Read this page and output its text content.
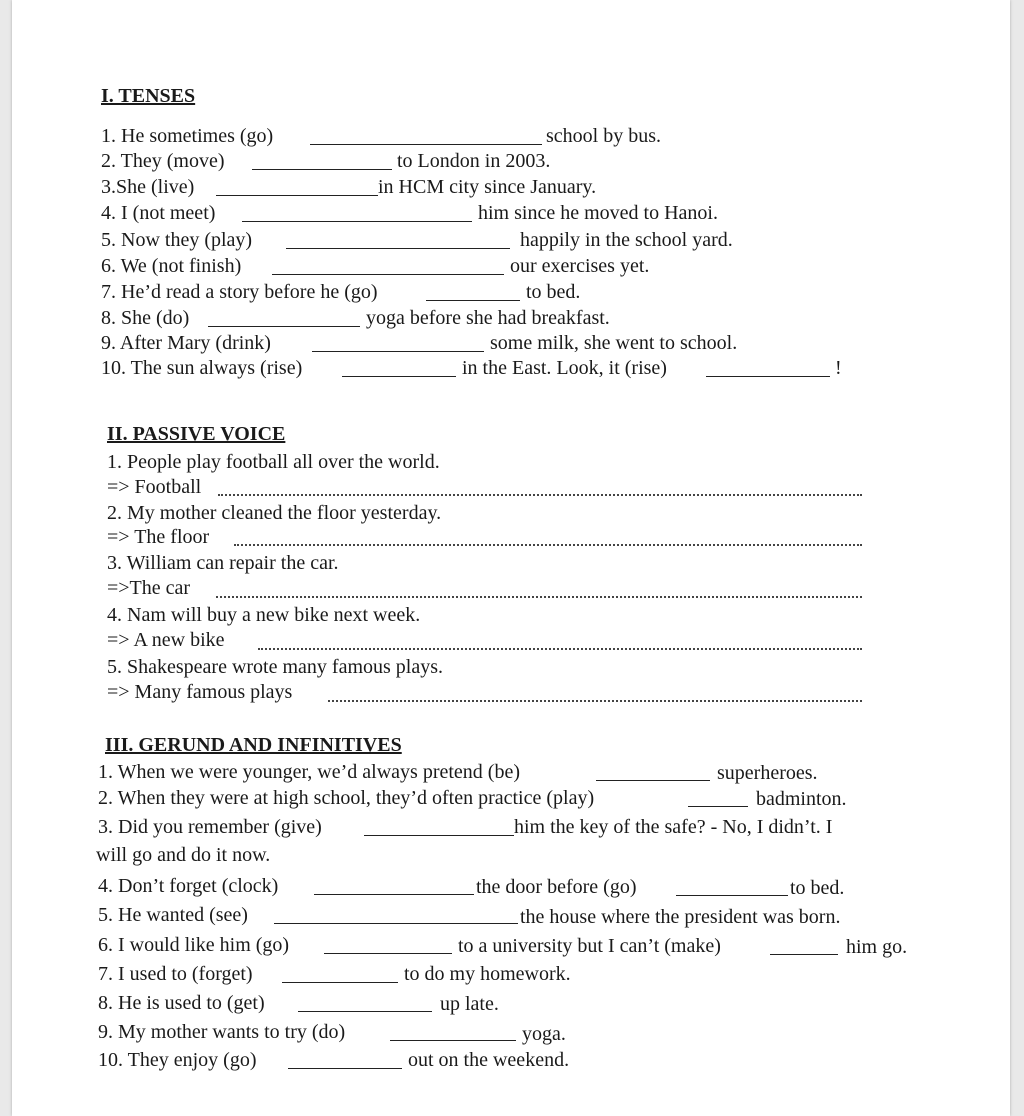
I. TENSES
1. He sometimes (go)	school by bus.
2. They (move)	to London in 2003.
3.She (live)	in HCM city since January.
4. I (not meet)	him since he moved to Hanoi.
5. Now they (play)	happily in the school yard.
6. We (not finish)	our exercises yet.
7. He’d read a story before he (go)	to bed.
8. She (do)	yoga before she had breakfast.
9. After Mary (drink)	some milk, she went to school.
10. The sun always (rise)	in the East. Look, it (rise)	!
II. PASSIVE VOICE
1. People play football all over the world.
=> Football
2. My mother cleaned the floor yesterday.
=> The floor
3. William can repair the car.
=>The car
4. Nam will buy a new bike next week.
=> A new bike
5. Shakespeare wrote many famous plays.
=> Many famous plays
III. GERUND AND INFINITIVES
1. When we were younger, we’d always pretend (be)	superheroes.
2. When they were at high school, they’d often practice (play)	badminton.
3. Did you remember (give)	him the key of the safe? - No, I didn’t. I
will go and do it now.
4. Don’t forget (clock)	the door before (go)	to bed.
5. He wanted (see)	the house where the president was born.
6. I would like him (go)	to a university but I can’t (make)	him go.
7. I used to (forget)	to do my homework.
8. He is used to (get)	up late.
9. My mother wants to try (do)	yoga.
10. They enjoy (go)	out on the weekend.
